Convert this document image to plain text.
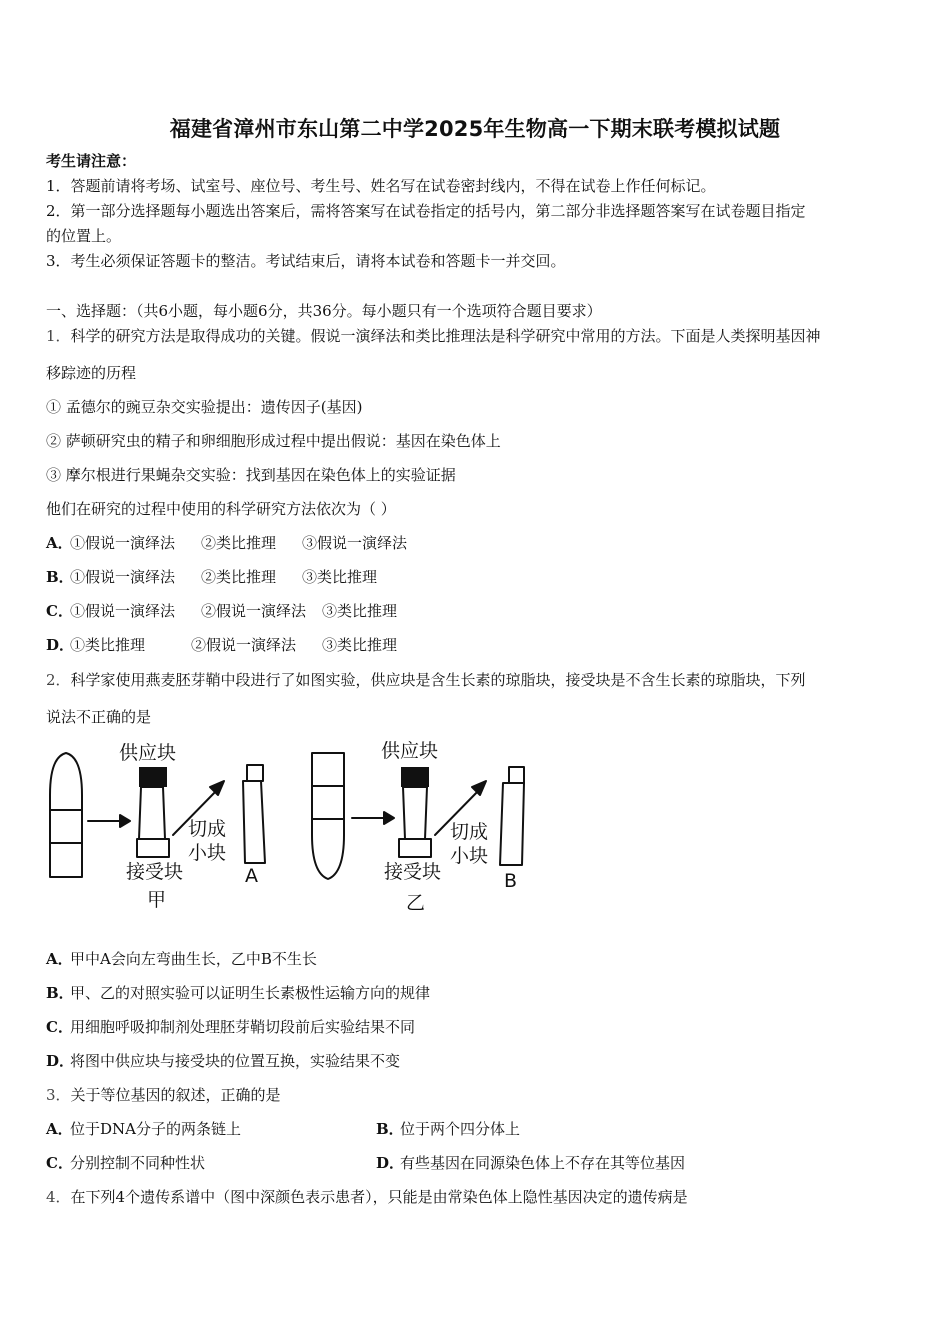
福建省漳州市东山第二中学2025年生物高一下期末联考模拟试题
考生请注意：
1．答题前请将考场、试室号、座位号、考生号、姓名写在试卷密封线内，不得在试卷上作任何标记。
2．第一部分选择题每小题选出答案后，需将答案写在试卷指定的括号内，第二部分非选择题答案写在试卷题目指定
的位置上。
3．考生必须保证答题卡的整洁。考试结束后，请将本试卷和答题卡一并交回。
一、选择题：（共6小题，每小题6分，共36分。每小题只有一个选项符合题目要求）
1．科学的研究方法是取得成功的关键。假说一演绎法和类比推理法是科学研究中常用的方法。下面是人类探明基因神
移踪迹的历程
① 孟德尔的豌豆杂交实验提出：遗传因子(基因)
② 萨顿研究虫的精子和卵细胞形成过程中提出假说：基因在染色体上
③ 摩尔根进行果蝇杂交实验：找到基因在染色体上的实验证据
他们在研究的过程中使用的科学研究方法依次为（ ）
A．①假说一演绎法 ②类比推理 ③假说一演绎法
B．①假说一演绎法 ②类比推理 ③类比推理
C．①假说一演绎法 ②假说一演绎法 ③类比推理
D．①类比推理	②假说一演绎法 ③类比推理
2．科学家使用燕麦胚芽鞘中段进行了如图实验，供应块是含生长素的琼脂块，接受块是不含生长素的琼脂块，下列
说法不正确的是
供应块
切成
小块
接受块
甲
A
供应块
切成
小块
接受块
乙
B
A．甲中A会向左弯曲生长，乙中B不生长
B．甲、乙的对照实验可以证明生长素极性运输方向的规律
C．用细胞呼吸抑制剂处理胚芽鞘切段前后实验结果不同
D．将图中供应块与接受块的位置互换，实验结果不变
3．关于等位基因的叙述，正确的是
A．位于DNA分子的两条链上	B．位于两个四分体上
C．分别控制不同种性状	D．有些基因在同源染色体上不存在其等位基因
4．在下列4个遗传系谱中（图中深颜色表示患者），只能是由常染色体上隐性基因决定的遗传病是
